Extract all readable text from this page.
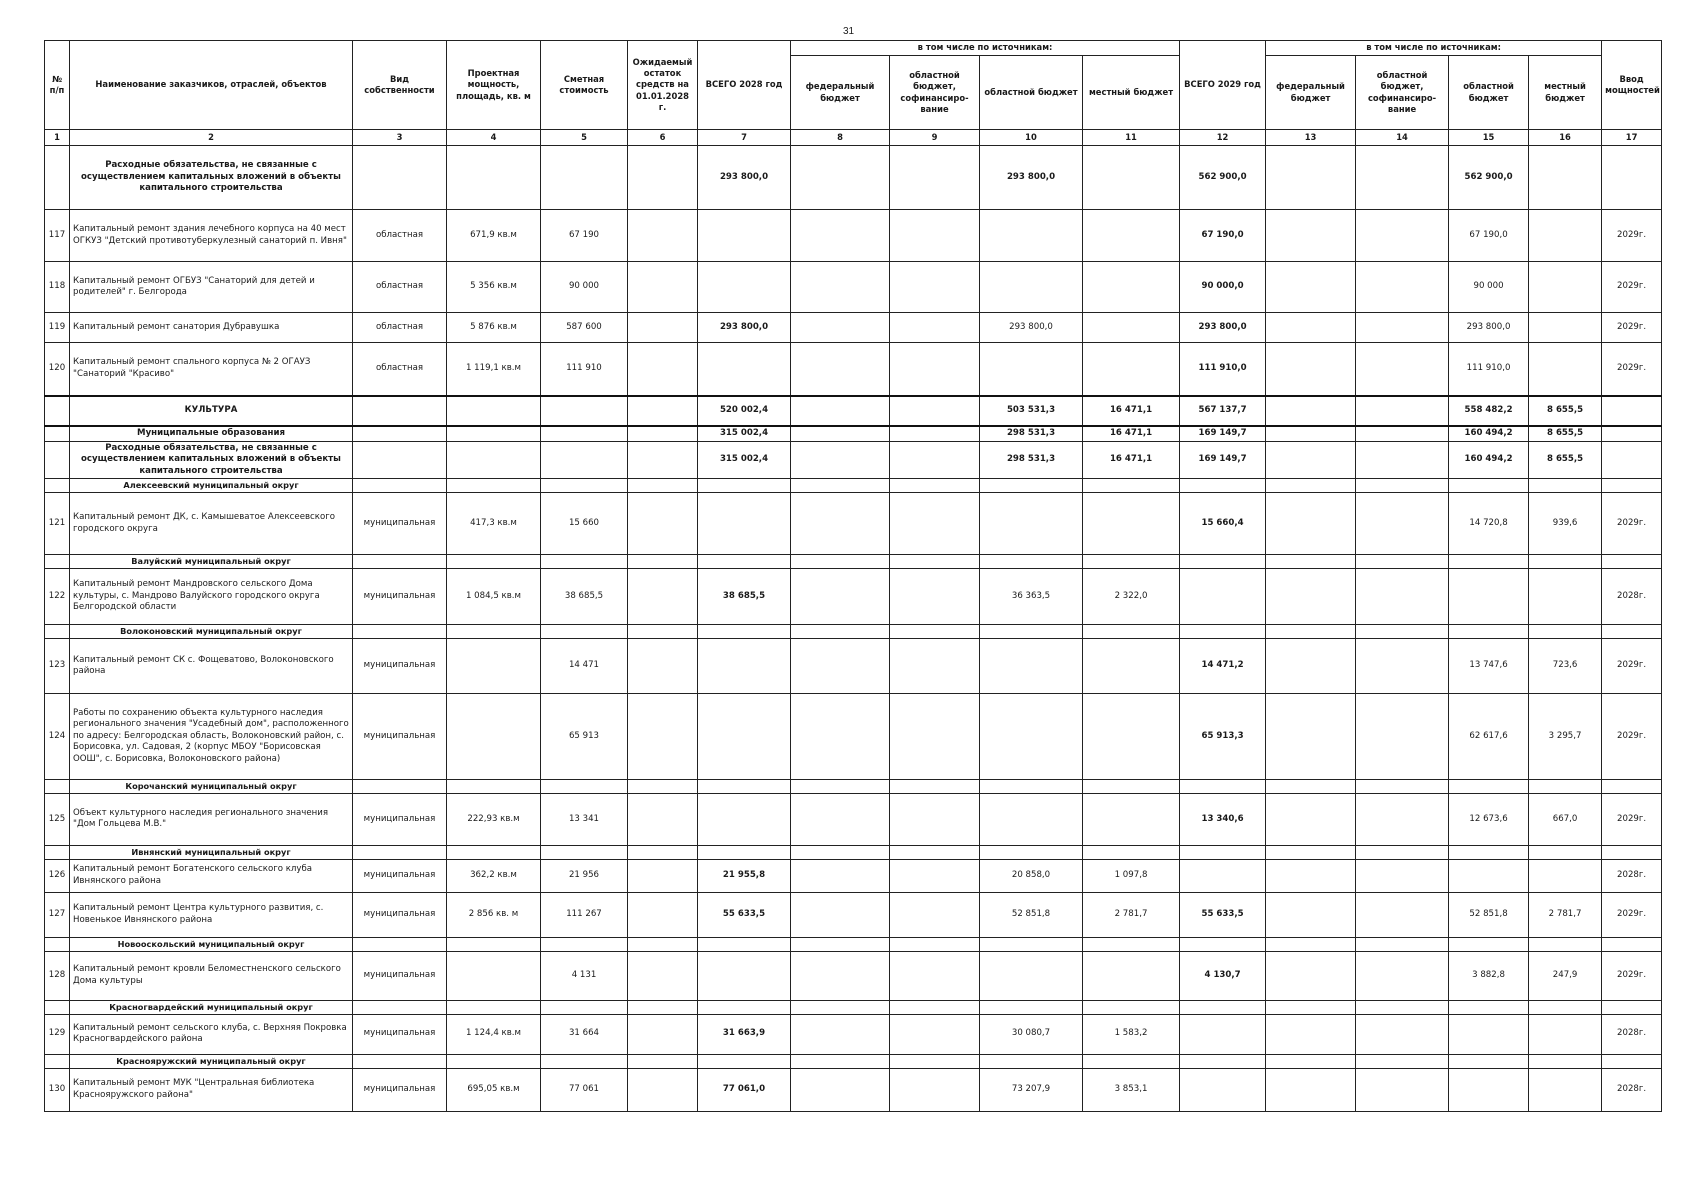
31
№ п/п	Наименование заказчиков, отраслей, объектов	Вид собственности	Проектная мощность, площадь, кв. м	Сметная стоимость	Ожидаемый остаток средств на 01.01.2028 г.	ВСЕГО 2028 год	в том числе по источникам:				ВСЕГО 2029 год	в том числе по источникам:				Ввод мощностей
							федеральный бюджет	областной бюджет, софинансиро-вание	областной бюджет	местный бюджет		федеральный бюджет	областной бюджет, софинансиро-вание	областной бюджет	местный бюджет	
1	2	3	4	5	6	7	8	9	10	11	12	13	14	15	16	17
	Расходные обязательства, не связанные с осуществлением капитальных вложений в объекты капитального строительства					293 800,0			293 800,0		562 900,0			562 900,0		
117	Капитальный ремонт здания лечебного корпуса на 40 мест ОГКУЗ "Детский противотуберкулезный санаторий п. Ивня"	областная	671,9 кв.м	67 190							67 190,0			67 190,0		2029г.
118	Капитальный ремонт ОГБУЗ "Санаторий для детей и родителей" г. Белгорода	областная	5 356 кв.м	90 000							90 000,0			90 000		2029г.
119	Капитальный ремонт санатория Дубравушка	областная	5 876 кв.м	587 600		293 800,0			293 800,0		293 800,0			293 800,0		2029г.
120	Капитальный ремонт спального корпуса № 2 ОГАУЗ "Санаторий "Красиво"	областная	1 119,1 кв.м	111 910							111 910,0			111 910,0		2029г.
	КУЛЬТУРА					520 002,4			503 531,3	16 471,1	567 137,7			558 482,2	8 655,5	
	Муниципальные образования					315 002,4			298 531,3	16 471,1	169 149,7			160 494,2	8 655,5	
	Расходные обязательства, не связанные с осуществлением капитальных вложений в объекты капитального строительства					315 002,4			298 531,3	16 471,1	169 149,7			160 494,2	8 655,5	
	Алексеевский муниципальный округ															
121	Капитальный ремонт ДК, с. Камышеватое Алексеевского городского округа	муниципальная	417,3 кв.м	15 660							15 660,4			14 720,8	939,6	2029г.
	Валуйский муниципальный округ															
122	Капитальный ремонт Мандровского сельского Дома культуры, с. Мандрово Валуйского городского округа Белгородской области	муниципальная	1 084,5 кв.м	38 685,5		38 685,5			36 363,5	2 322,0						2028г.
	Волоконовский муниципальный округ															
123	Капитальный ремонт СК с. Фощеватово, Волоконовского района	муниципальная		14 471							14 471,2			13 747,6	723,6	2029г.
124	Работы по сохранению объекта культурного наследия регионального значения "Усадебный дом", расположенного по адресу: Белгородская область, Волоконовский район, с. Борисовка, ул. Садовая, 2 (корпус МБОУ "Борисовская ООШ", с. Борисовка, Волоконовского района)	муниципальная		65 913							65 913,3			62 617,6	3 295,7	2029г.
	Корочанский муниципальный округ															
125	Объект культурного наследия регионального значения "Дом Гольцева М.В."	муниципальная	222,93 кв.м	13 341							13 340,6			12 673,6	667,0	2029г.
	Ивнянский муниципальный округ															
126	Капитальный ремонт Богатенского сельского клуба Ивнянского района	муниципальная	362,2 кв.м	21 956		21 955,8			20 858,0	1 097,8						2028г.
127	Капитальный ремонт Центра культурного развития, с. Новенькое Ивнянского района	муниципальная	2 856 кв. м	111 267		55 633,5			52 851,8	2 781,7	55 633,5			52 851,8	2 781,7	2029г.
	Новооскольский муниципальный округ															
128	Капитальный ремонт кровли Беломестненского сельского Дома культуры	муниципальная		4 131							4 130,7			3 882,8	247,9	2029г.
	Красногвардейский муниципальный округ															
129	Капитальный ремонт сельского клуба, с. Верхняя Покровка Красногвардейского района	муниципальная	1 124,4 кв.м	31 664		31 663,9			30 080,7	1 583,2						2028г.
	Краснояружский муниципальный округ															
130	Капитальный ремонт МУК "Центральная библиотека Краснояружского района"	муниципальная	695,05 кв.м	77 061		77 061,0			73 207,9	3 853,1						2028г.
